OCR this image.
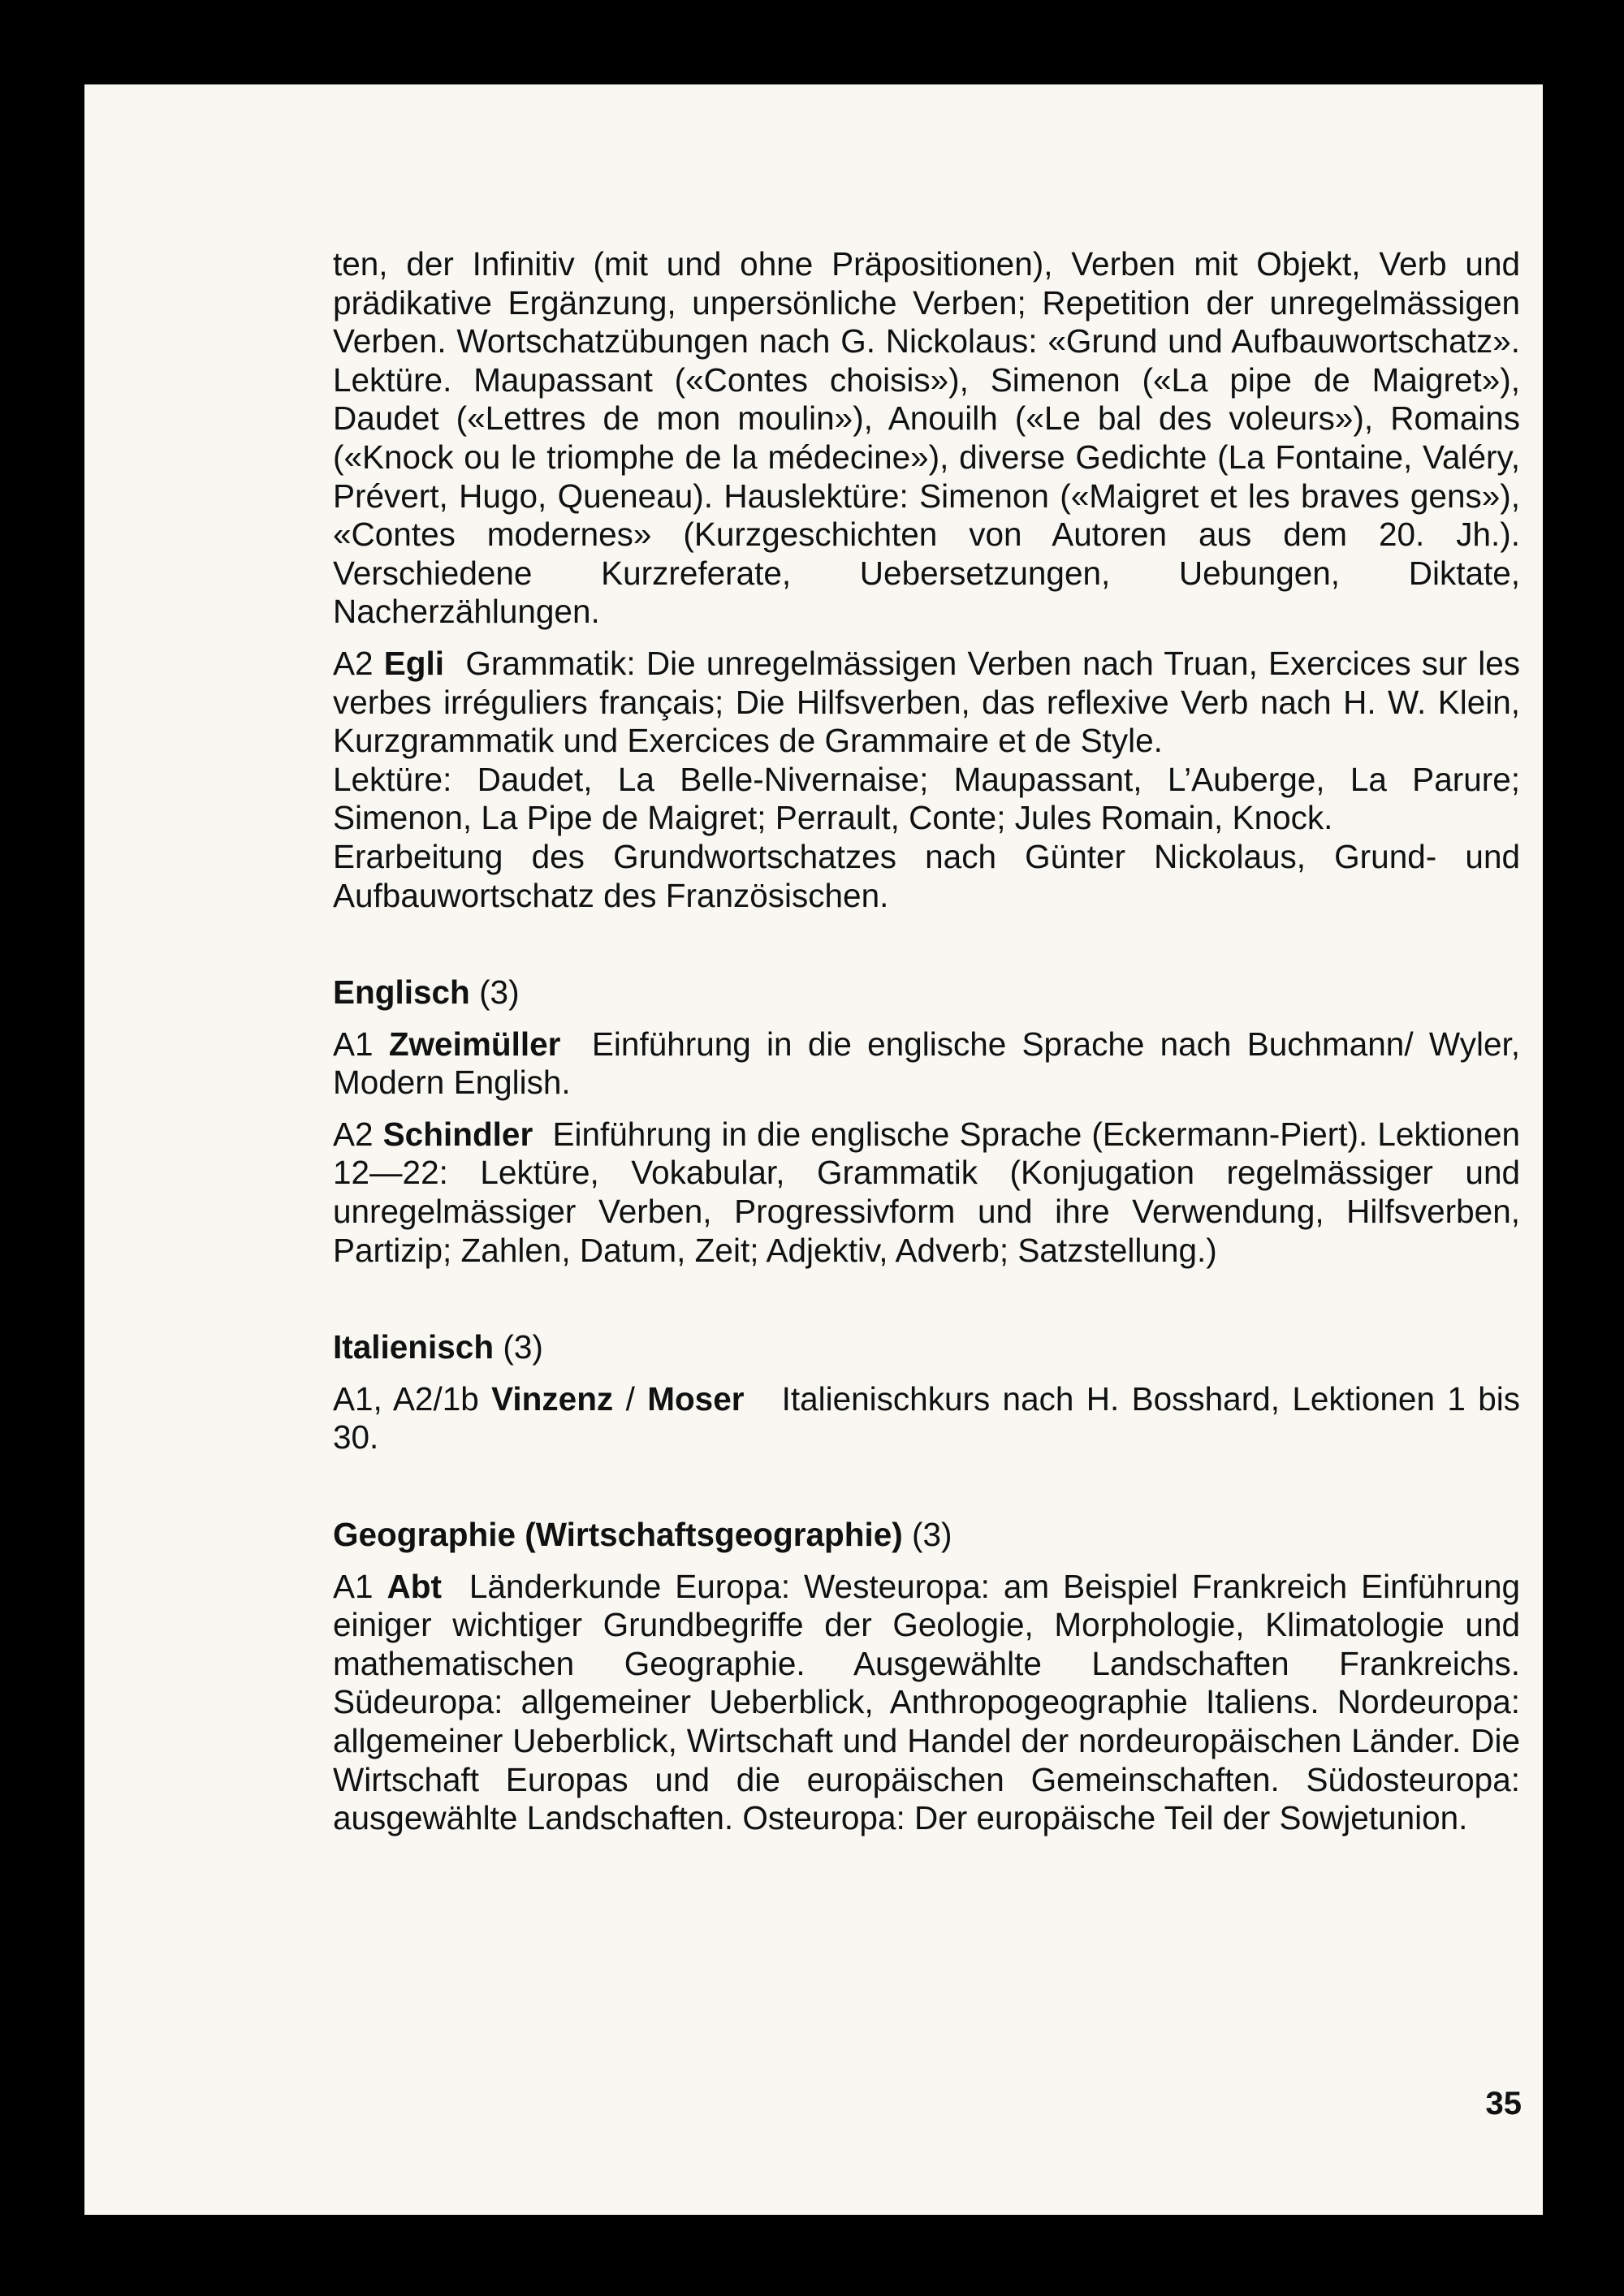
ten, der Infinitiv (mit und ohne Präpositionen), Verben mit Objekt, Verb und prädikative Ergänzung, unpersönliche Verben; Repetition der unregelmässigen Verben. Wortschatzübungen nach G. Nickolaus: «Grund und Aufbauwortschatz». Lektüre. Maupassant («Contes choisis»), Simenon («La pipe de Maigret»), Daudet («Lettres de mon moulin»), Anouilh («Le bal des voleurs»), Romains («Knock ou le triomphe de la médecine»), diverse Gedichte (La Fontaine, Valéry, Prévert, Hugo, Queneau). Hauslektüre: Simenon («Maigret et les braves gens»), «Contes modernes» (Kurzgeschichten von Autoren aus dem 20. Jh.). Verschiedene Kurzreferate, Uebersetzungen, Uebungen, Diktate, Nacherzählungen.

A2 Egli Grammatik: Die unregelmässigen Verben nach Truan, Exercices sur les verbes irréguliers français; Die Hilfsverben, das reflexive Verb nach H. W. Klein, Kurzgrammatik und Exercices de Grammaire et de Style.

Lektüre: Daudet, La Belle-Nivernaise; Maupassant, L’Auberge, La Parure; Simenon, La Pipe de Maigret; Perrault, Conte; Jules Romain, Knock.

Erarbeitung des Grundwortschatzes nach Günter Nickolaus, Grund- und Aufbauwortschatz des Französischen.

Englisch (3)

A1 Zweimüller Einführung in die englische Sprache nach Buchmann/ Wyler, Modern English.

A2 Schindler Einführung in die englische Sprache (Eckermann-Piert). Lektionen 12—22: Lektüre, Vokabular, Grammatik (Konjugation regelmässiger und unregelmässiger Verben, Progressivform und ihre Verwendung, Hilfsverben, Partizip; Zahlen, Datum, Zeit; Adjektiv, Adverb; Satzstellung.)

Italienisch (3)

A1, A2/1b Vinzenz / Moser Italienischkurs nach H. Bosshard, Lektionen 1 bis 30.

Geographie (Wirtschaftsgeographie) (3)

A1 Abt Länderkunde Europa: Westeuropa: am Beispiel Frankreich Einführung einiger wichtiger Grundbegriffe der Geologie, Morphologie, Klimatologie und mathematischen Geographie. Ausgewählte Landschaften Frankreichs. Südeuropa: allgemeiner Ueberblick, Anthropogeographie Italiens. Nordeuropa: allgemeiner Ueberblick, Wirtschaft und Handel der nordeuropäischen Länder. Die Wirtschaft Europas und die europäischen Gemeinschaften. Südosteuropa: ausgewählte Landschaften. Osteuropa: Der europäische Teil der Sowjetunion.

35
